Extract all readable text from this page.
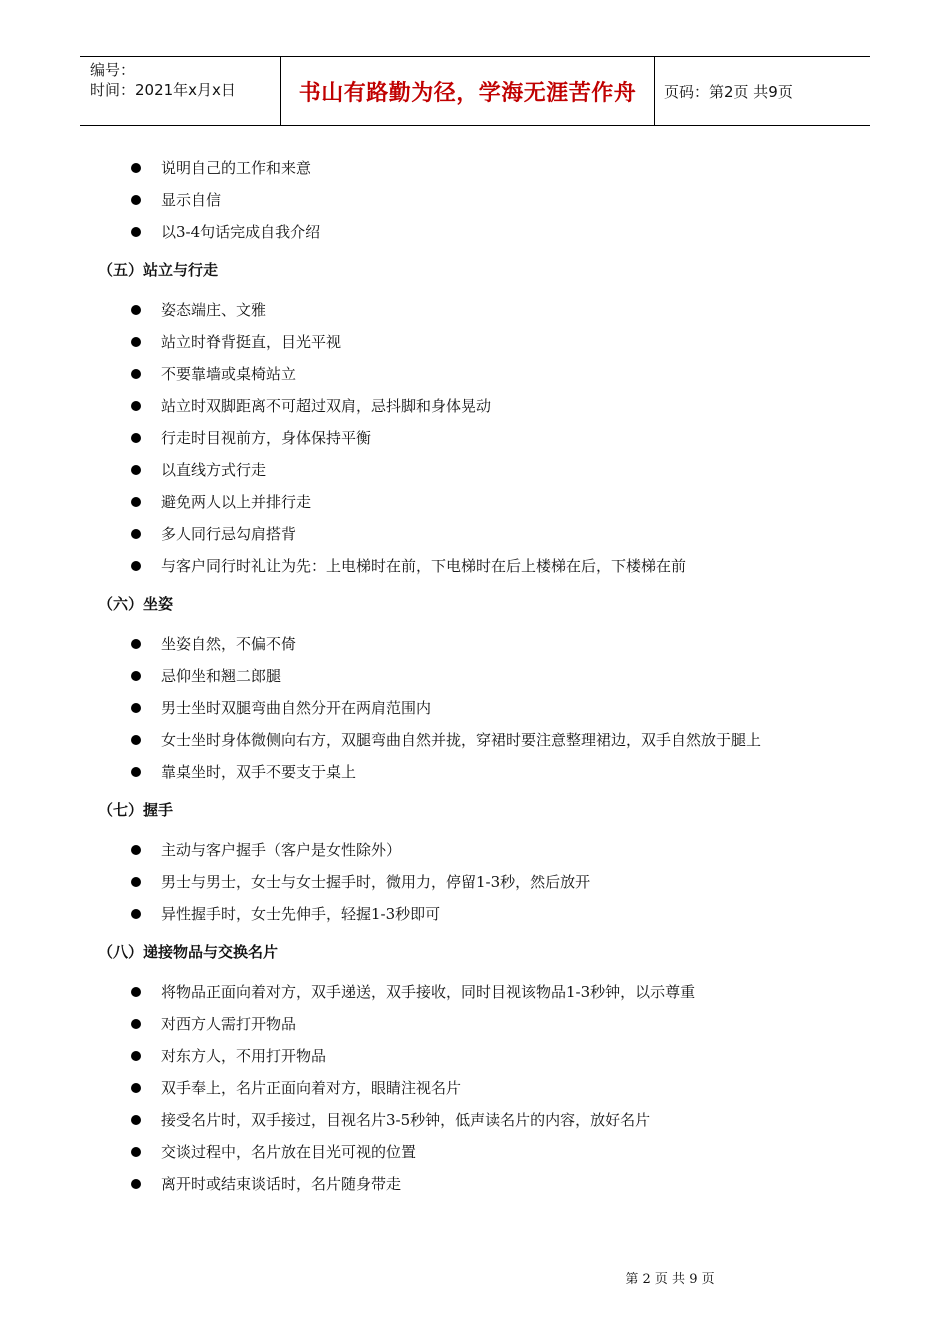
编号：
时间：2021年x月x日	书山有路勤为径，学海无涯苦作舟	页码：第2页 共9页
说明自己的工作和来意
显示自信
以3-4句话完成自我介绍
（五）站立与行走
姿态端庄、文雅
站立时脊背挺直，目光平视
不要靠墙或桌椅站立
站立时双脚距离不可超过双肩，忌抖脚和身体晃动
行走时目视前方，身体保持平衡
以直线方式行走
避免两人以上并排行走
多人同行忌勾肩搭背
与客户同行时礼让为先：上电梯时在前，下电梯时在后上楼梯在后，下楼梯在前
（六）坐姿
坐姿自然，不偏不倚
忌仰坐和翘二郎腿
男士坐时双腿弯曲自然分开在两肩范围内
女士坐时身体微侧向右方，双腿弯曲自然并拢，穿裙时要注意整理裙边，双手自然放于腿上
靠桌坐时，双手不要支于桌上
（七）握手
主动与客户握手（客户是女性除外）
男士与男士，女士与女士握手时，微用力，停留1-3秒，然后放开
异性握手时，女士先伸手，轻握1-3秒即可
（八）递接物品与交换名片
将物品正面向着对方，双手递送，双手接收，同时目视该物品1-3秒钟，以示尊重
对西方人需打开物品
对东方人，不用打开物品
双手奉上，名片正面向着对方，眼睛注视名片
接受名片时，双手接过，目视名片3-5秒钟，低声读名片的内容，放好名片
交谈过程中，名片放在目光可视的位置
离开时或结束谈话时，名片随身带走
第 2 页 共 9 页
